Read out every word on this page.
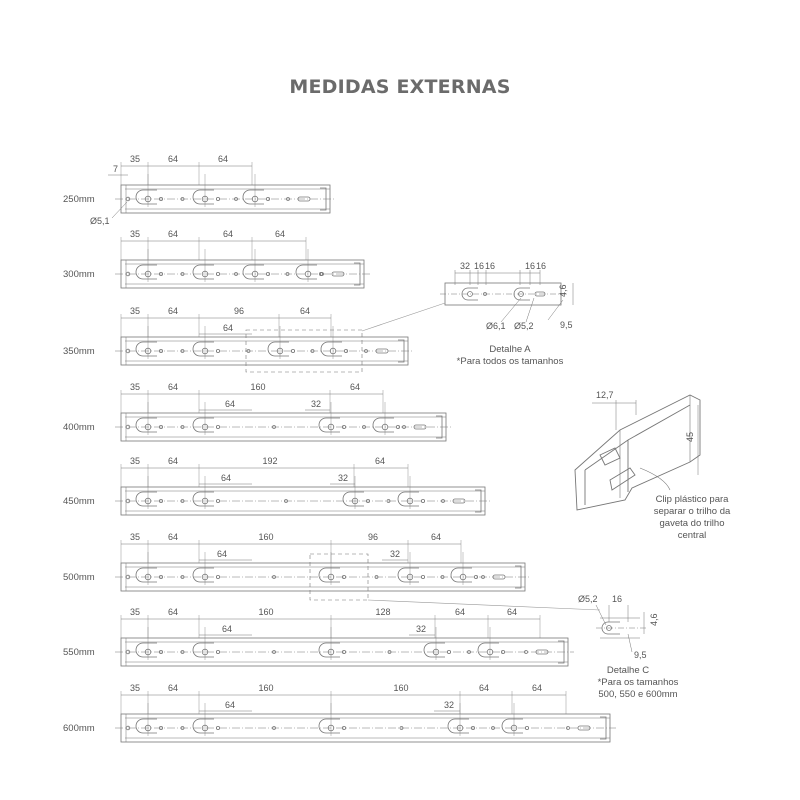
MEDIDAS EXTERNAS
250mm
35	64	64
7
Ø5,1
300mm
35	64	64	64
350mm
35	64	96	64
64
400mm
35	64	160	64
64	32
450mm
35	64	192	64
64	32
500mm
35	64	160	96	64
64	32
550mm
35	64	160	128	64	64
64	32
600mm
35	64	160	160	64	64
64	32
32 16 16	16 16
4,6
9,5
Ø6,1 Ø5,2
Detalhe A
*Para todos os tamanhos
12,7
45
Clip plástico para
separar o trilho da
gaveta do trilho
central
Ø5,2 16
4,6
9,5
Detalhe C
*Para os tamanhos
500, 550 e 600mm
